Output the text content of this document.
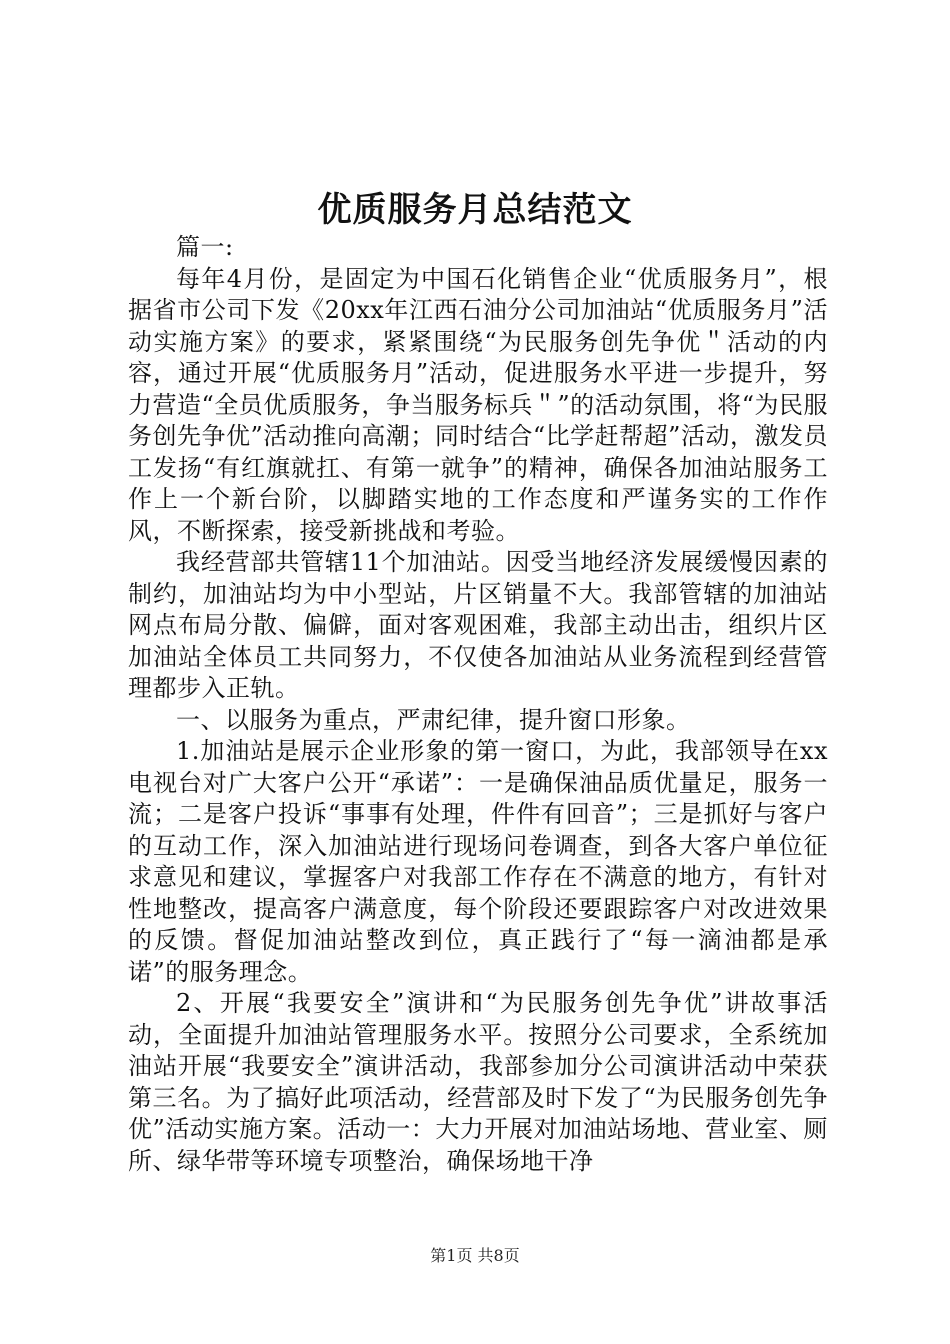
优质服务月总结范文

篇一:

每年4月份，是固定为中国石化销售企业“优质服务月”，根据省市公司下发《20xx年江西石油分公司加油站“优质服务月”活动实施方案》的要求，紧紧围绕“为民服务创先争优＂活动的内容，通过开展“优质服务月”活动，促进服务水平进一步提升，努力营造“全员优质服务，争当服务标兵＂”的活动氛围，将“为民服务创先争优”活动推向高潮；同时结合“比学赶帮超”活动，激发员工发扬“有红旗就扛、有第一就争”的精神，确保各加油站服务工作上一个新台阶，以脚踏实地的工作态度和严谨务实的工作作风，不断探索，接受新挑战和考验。

我经营部共管辖11个加油站。因受当地经济发展缓慢因素的制约，加油站均为中小型站，片区销量不大。我部管辖的加油站网点布局分散、偏僻，面对客观困难，我部主动出击，组织片区加油站全体员工共同努力，不仅使各加油站从业务流程到经营管理都步入正轨。

一、以服务为重点，严肃纪律，提升窗口形象。

1.加油站是展示企业形象的第一窗口，为此，我部领导在xx电视台对广大客户公开“承诺”：一是确保油品质优量足，服务一流；二是客户投诉“事事有处理，件件有回音”；三是抓好与客户的互动工作，深入加油站进行现场问卷调查，到各大客户单位征求意见和建议，掌握客户对我部工作存在不满意的地方，有针对性地整改，提高客户满意度，每个阶段还要跟踪客户对改进效果的反馈。督促加油站整改到位，真正践行了“每一滴油都是承诺”的服务理念。

2、开展“我要安全”演讲和“为民服务创先争优”讲故事活动，全面提升加油站管理服务水平。按照分公司要求，全系统加油站开展“我要安全”演讲活动，我部参加分公司演讲活动中荣获第三名。为了搞好此项活动，经营部及时下发了“为民服务创先争优”活动实施方案。活动一：大力开展对加油站场地、营业室、厕所、绿华带等环境专项整治，确保场地干净

第1页 共8页
